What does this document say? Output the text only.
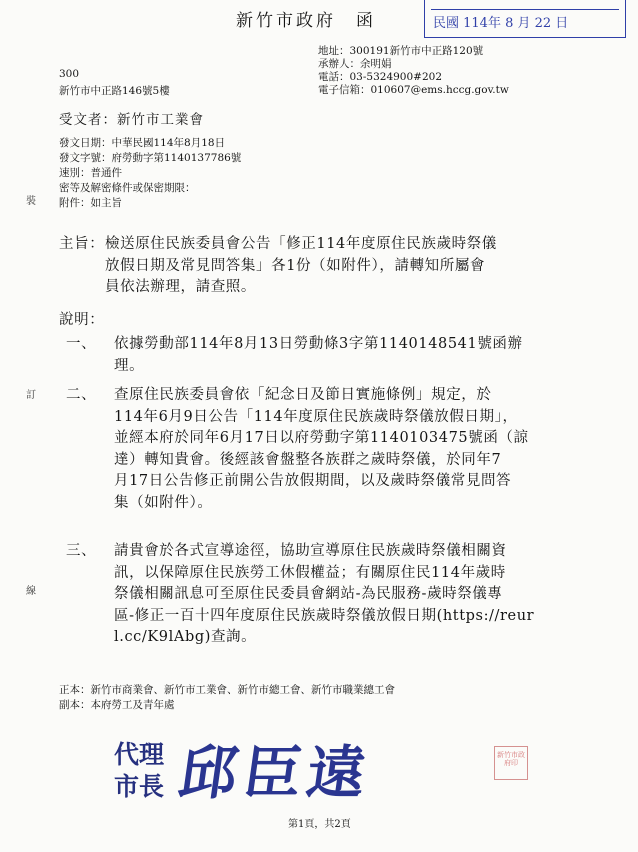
新竹市政府　函	民國 114年 8 月 22 日
地址：300191新竹市中正路120號
承辦人：余明娟
電話：03-5324900#202
電子信箱：010607@ems.hccg.gov.tw
300
新竹市中正路146號5樓
受文者：新竹市工業會
發文日期：中華民國114年8月18日
發文字號：府勞動字第1140137786號
速別：普通件
密等及解密條件或保密期限：
附件：如主旨
裝
訂
線
主旨： 檢送原住民族委員會公告「修正114年度原住民族歲時祭儀
放假日期及常見問答集」各1份（如附件），請轉知所屬會
員依法辦理，請查照。
說明：
一、 依據勞動部114年8月13日勞動條3字第1140148541號函辦
理。
二、 查原住民族委員會依「紀念日及節日實施條例」規定，於
114年6月9日公告「114年度原住民族歲時祭儀放假日期」，
並經本府於同年6月17日以府勞動字第1140103475號函（諒
達）轉知貴會。後經該會盤整各族群之歲時祭儀，於同年7
月17日公告修正前開公告放假期間，以及歲時祭儀常見問答
集（如附件）。
三、 請貴會於各式宣導途徑，協助宣導原住民族歲時祭儀相關資
訊，以保障原住民族勞工休假權益；有關原住民114年歲時
祭儀相關訊息可至原住民委員會網站-為民服務-歲時祭儀專
區-修正一百十四年度原住民族歲時祭儀放假日期(https://reur
l.cc/K9lAbg)查詢。
正本：新竹市商業會、新竹市工業會、新竹市總工會、新竹市職業總工會
副本：本府勞工及青年處
代理
市長 邱臣遠	新竹市政府印
第1頁，共2頁
